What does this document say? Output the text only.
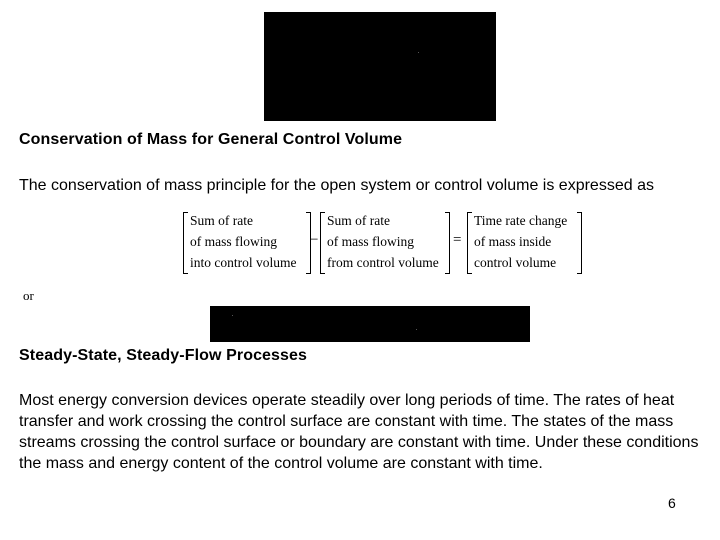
Conservation of Mass for General Control Volume
The conservation of mass principle for the open system or control volume is expressed as
Sum of rate
of mass flowing
into control volume
−
Sum of rate
of mass flowing
from control volume
=
Time rate change
of mass inside
control volume
or
Steady-State, Steady-Flow Processes
Most energy conversion devices operate steadily over long periods of time. The rates of heat transfer and work crossing the control surface are constant with time. The states of the mass streams crossing the control surface or boundary are constant with time. Under these conditions the mass and energy content of the control volume are constant with time.
6
